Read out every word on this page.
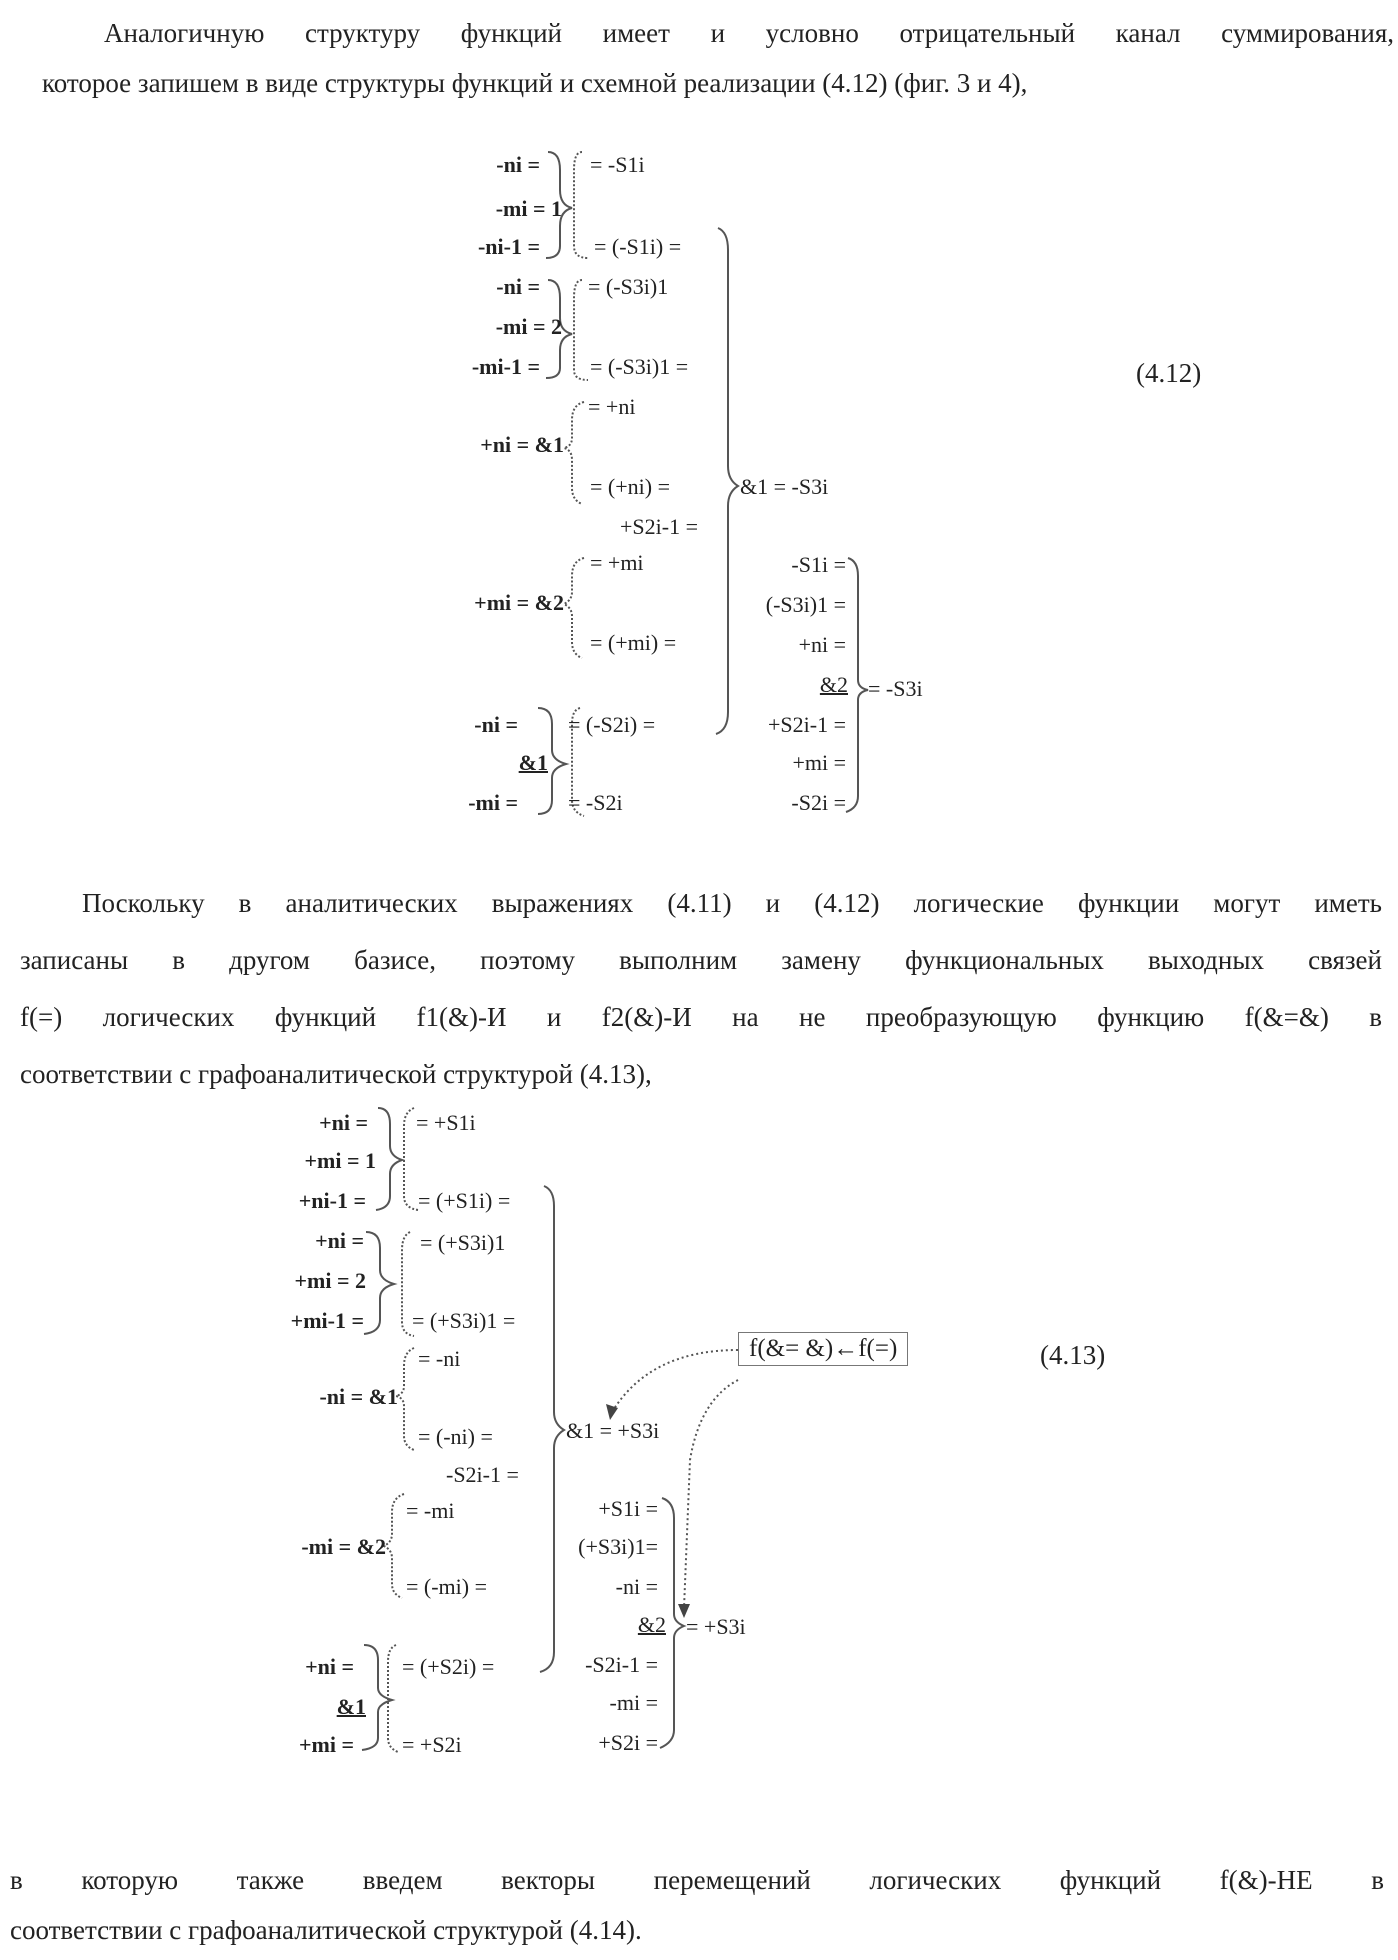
Аналогичную структуру функций имеет и условно отрицательный канал суммирования,
которое запишем в виде структуры функций и схемной реализации (4.12) (фиг. 3 и 4),
-ni =
-mi = 1
-ni-1 =
-ni =
-mi = 2
-mi-1 =
+ni = &1
+mi = &2
-ni =
&1
-mi =
= -S1i
= (-S1i) =
= (-S3i)1
= (-S3i)1 =
= +ni
= (+ni) =
+S2i-1 =
= +mi
= (+mi) =
= (-S2i) =
= -S2i
&1 = -S3i
-S1i =
(-S3i)1 =
+ni =
&2
+S2i-1 =
+mi =
-S2i =
= -S3i
(4.12)
Поскольку в аналитических выражениях (4.11) и (4.12) логические функции могут иметь
записаны в другом базисе, поэтому выполним замену функциональных выходных связей
f(=) логических функций f1(&)-И и f2(&)-И на не преобразующую функцию f(&=&) в
соответствии с графоаналитической структурой (4.13),
+ni =
+mi = 1
+ni-1 =
+ni =
+mi = 2
+mi-1 =
-ni = &1
-mi = &2
+ni =
&1
+mi =
= +S1i
= (+S1i) =
= (+S3i)1
= (+S3i)1 =
= -ni
= (-ni) =
-S2i-1 =
= -mi
= (-mi) =
= (+S2i) =
= +S2i
&1 = +S3i
+S1i =
(+S3i)1=
-ni =
&2
-S2i-1 =
-mi =
+S2i =
= +S3i
f(&= &)←f(=)	(4.13)
в которую также введем векторы перемещений логических функций f(&)-НЕ в
соответствии с графоаналитической структурой (4.14).
